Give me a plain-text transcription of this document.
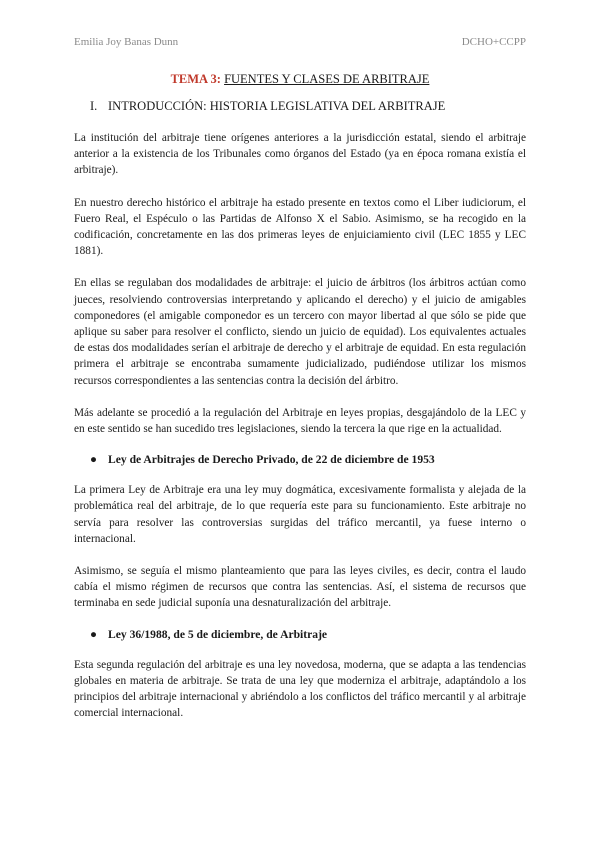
Emilia Joy Banas Dunn	DCHO+CCPP
TEMA 3: FUENTES Y CLASES DE ARBITRAJE
I. INTRODUCCIÓN: HISTORIA LEGISLATIVA DEL ARBITRAJE

La institución del arbitraje tiene orígenes anteriores a la jurisdicción estatal, siendo el arbitraje anterior a la existencia de los Tribunales como órganos del Estado (ya en época romana existía el arbitraje).

En nuestro derecho histórico el arbitraje ha estado presente en textos como el Liber iudiciorum, el Fuero Real, el Espéculo o las Partidas de Alfonso X el Sabio. Asimismo, se ha recogido en la codificación, concretamente en las dos primeras leyes de enjuiciamiento civil (LEC 1855 y LEC 1881).

En ellas se regulaban dos modalidades de arbitraje: el juicio de árbitros (los árbitros actúan como jueces, resolviendo controversias interpretando y aplicando el derecho) y el juicio de amigables componedores (el amigable componedor es un tercero con mayor libertad al que sólo se pide que aplique su saber para resolver el conflicto, siendo un juicio de equidad). Los equivalentes actuales de estas dos modalidades serían el arbitraje de derecho y el arbitraje de equidad. En esta regulación primera el arbitraje se encontraba sumamente judicializado, pudiéndose utilizar los mismos recursos correspondientes a las sentencias contra la decisión del árbitro.

Más adelante se procedió a la regulación del Arbitraje en leyes propias, desgajándolo de la LEC y en este sentido se han sucedido tres legislaciones, siendo la tercera la que rige en la actualidad.

● Ley de Arbitrajes de Derecho Privado, de 22 de diciembre de 1953

La primera Ley de Arbitraje era una ley muy dogmática, excesivamente formalista y alejada de la problemática real del arbitraje, de lo que requería este para su funcionamiento. Este arbitraje no servía para resolver las controversias surgidas del tráfico mercantil, ya fuese interno o internacional.

Asimismo, se seguía el mismo planteamiento que para las leyes civiles, es decir, contra el laudo cabía el mismo régimen de recursos que contra las sentencias. Así, el sistema de recursos que terminaba en sede judicial suponía una desnaturalización del arbitraje.

● Ley 36/1988, de 5 de diciembre, de Arbitraje

Esta segunda regulación del arbitraje es una ley novedosa, moderna, que se adapta a las tendencias globales en materia de arbitraje. Se trata de una ley que moderniza el arbitraje, adaptándolo a los principios del arbitraje internacional y abriéndolo a los conflictos del tráfico mercantil y al arbitraje comercial internacional.
